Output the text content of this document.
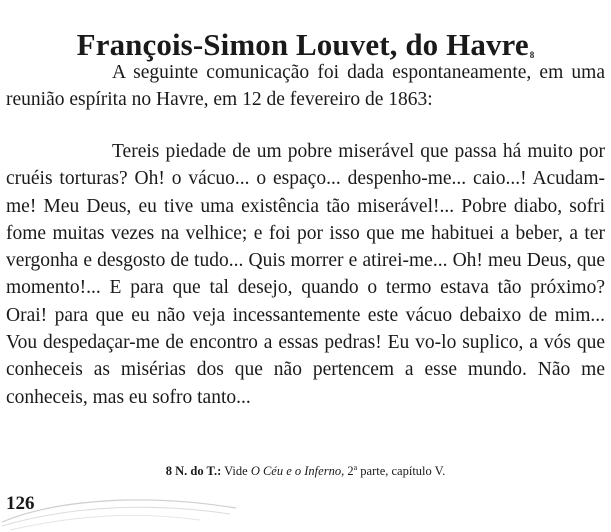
François-Simon Louvet, do Havre$^8$

A seguinte comunicação foi dada espontaneamente, em uma reunião espírita no Havre, em 12 de fevereiro de 1863:

Tereis piedade de um pobre miserável que passa há muito por cruéis torturas? Oh! o vácuo... o espaço... despenho-me... caio...! Acudam-me! Meu Deus, eu tive uma existência tão miserável!... Pobre diabo, sofri fome muitas vezes na velhice; e foi por isso que me habituei a beber, a ter vergonha e desgosto de tudo... Quis morrer e atirei-me... Oh! meu Deus, que momento!... E para que tal desejo, quando o termo estava tão próximo? Orai! para que eu não veja incessantemente este vácuo debaixo de mim... Vou despedaçar-me de encontro a essas pedras! Eu vo-lo suplico, a vós que conheceis as misérias dos que não pertencem a esse mundo. Não me conheceis, mas eu sofro tanto...

8 N. do T.: Vide O Céu e o Inferno, 2$^a$ parte, capítulo V.
126
